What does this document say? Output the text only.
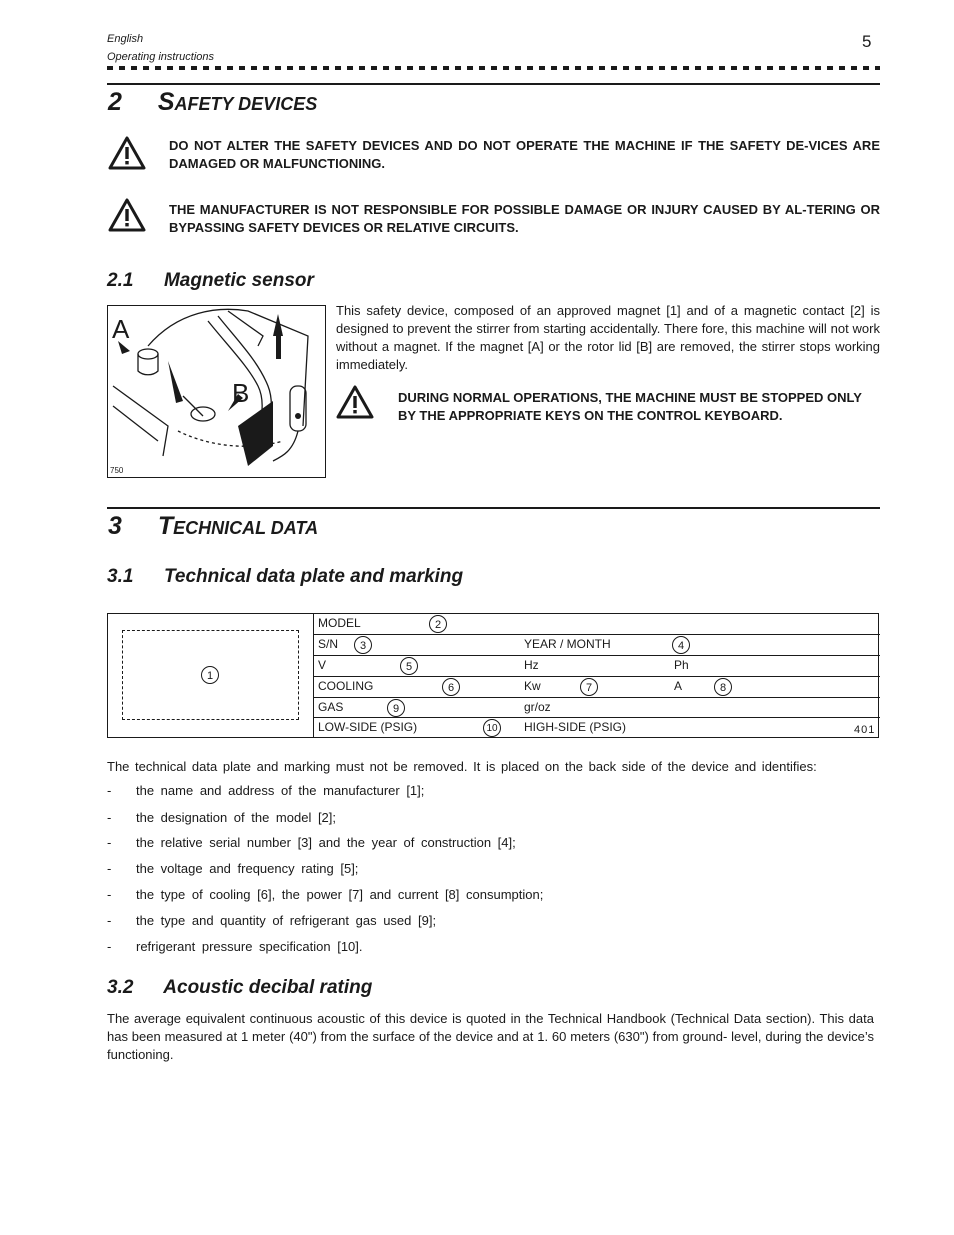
English
Operating instructions
5
2 SAFETY DEVICES
DO NOT ALTER THE SAFETY DEVICES AND DO NOT OPERATE THE MACHINE IF THE SAFETY DE-VICES ARE DAMAGED OR MALFUNCTIONING.
THE MANUFACTURER IS NOT RESPONSIBLE FOR POSSIBLE DAMAGE OR INJURY CAUSED BY AL-TERING OR BYPASSING SAFETY DEVICES OR RELATIVE CIRCUITS.
2.1 Magnetic sensor
A
B
750
This safety device, composed of an approved magnet [1] and of a magnetic contact [2] is designed to prevent the stirrer from starting accidentally. There fore, this machine will not work without a magnet. If the magnet [A] or the rotor lid [B] are removed, the stirrer stops working immediately.
DURING NORMAL OPERATIONS, THE MACHINE MUST BE STOPPED ONLY BY THE APPROPRIATE KEYS ON THE CONTROL KEYBOARD.
3 TECHNICAL DATA
3.1 Technical data plate and marking
1
MODEL	2
S/N	3	YEAR / MONTH	4
V	5	Hz	Ph
COOLING	6	Kw	7	A	8
GAS	9	gr/oz
LOW-SIDE (PSIG)	10 HIGH-SIDE (PSIG)	401
The technical data plate and marking must not be removed. It is placed on the back side of the device and identifies:
- the name and address of the manufacturer [1];
- the designation of the model [2];
- the relative serial number [3] and the year of construction [4];
- the voltage and frequency rating [5];
- the type of cooling [6], the power [7] and current [8] consumption;
- the type and quantity of refrigerant gas used [9];
- refrigerant pressure specification [10].
3.2 Acoustic decibal rating
The average equivalent continuous acoustic of this device is quoted in the Technical Handbook (Technical Data section). This data has been measured at 1 meter (40") from the surface of the device and at 1. 60 meters (630") from ground- level, during the device’s functioning.
